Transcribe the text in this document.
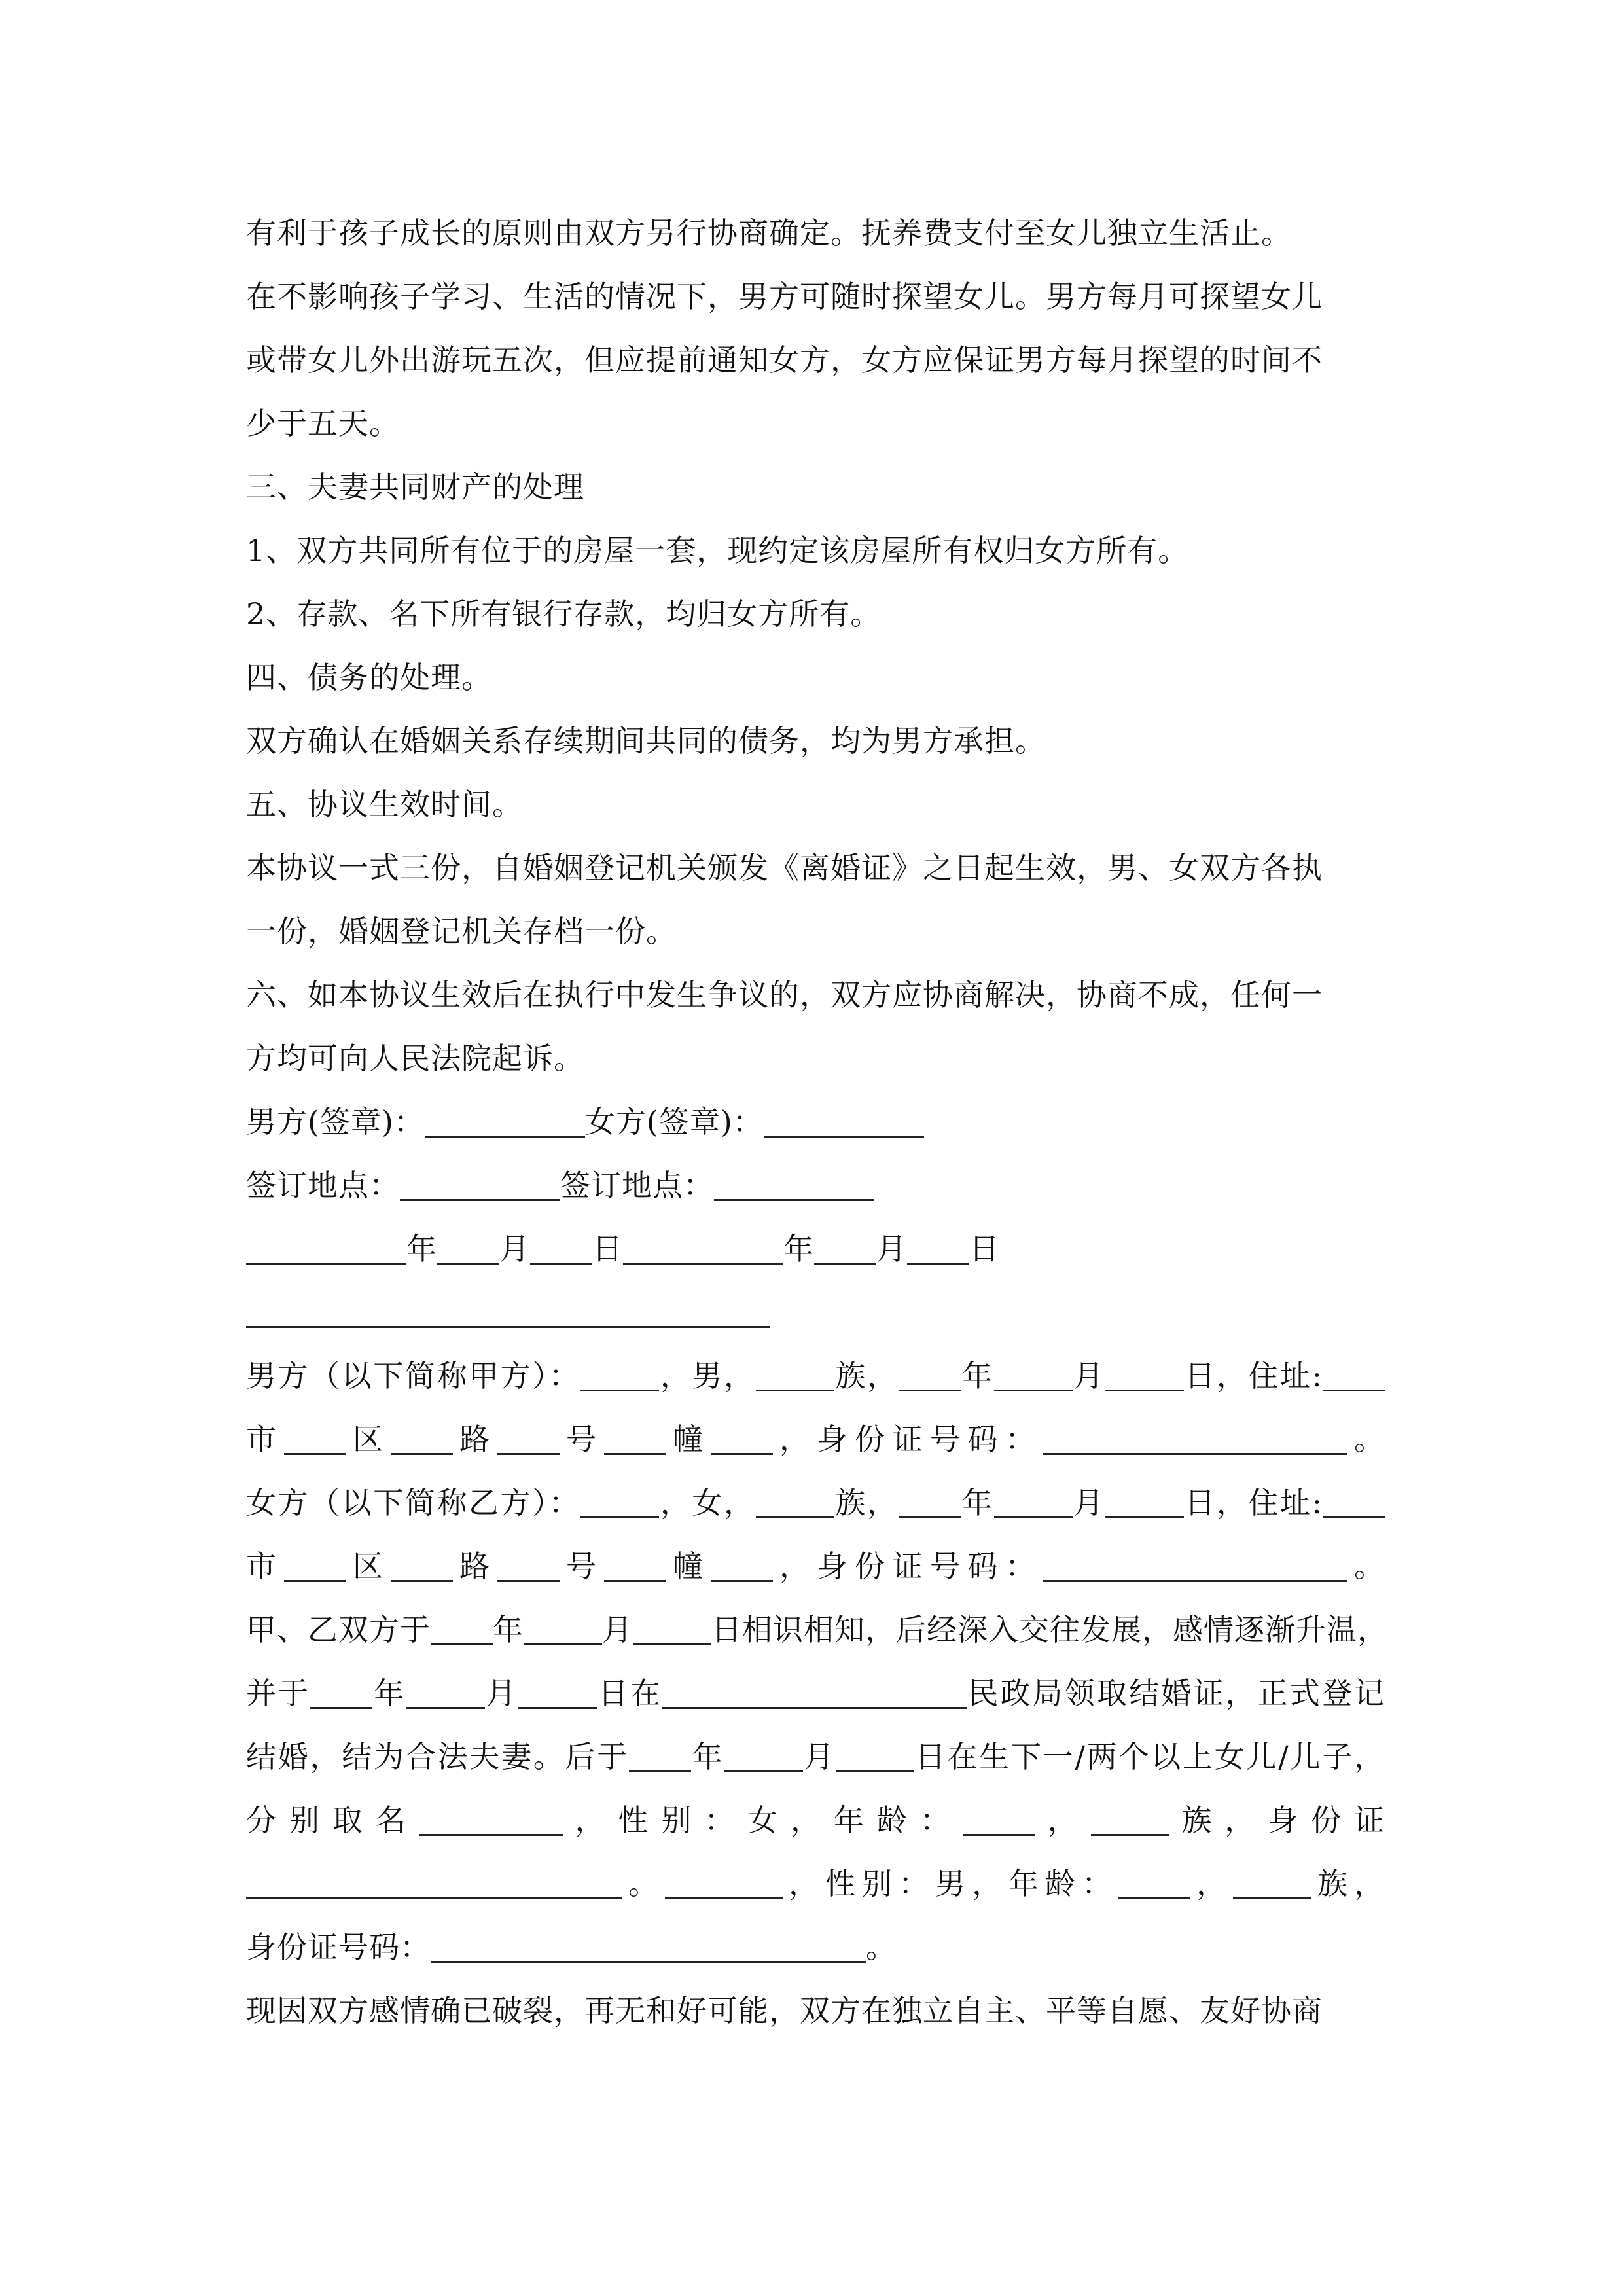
有利于孩子成长的原则由双方另行协商确定。抚养费支付至女儿独立生活止。
在不影响孩子学习、生活的情况下，男方可随时探望女儿。男方每月可探望女儿
或带女儿外出游玩五次，但应提前通知女方，女方应保证男方每月探望的时间不
少于五天。
三、夫妻共同财产的处理
1、双方共同所有位于的房屋一套，现约定该房屋所有权归女方所有。
2、存款、名下所有银行存款，均归女方所有。
四、债务的处理。
双方确认在婚姻关系存续期间共同的债务，均为男方承担。
五、协议生效时间。
本协议一式三份，自婚姻登记机关颁发《离婚证》之日起生效，男、女双方各执
一份，婚姻登记机关存档一份。
六、如本协议生效后在执行中发生争议的，双方应协商解决，协商不成，任何一
方均可向人民法院起诉。
男方(签章)：	女方(签章)：
签订地点：	签订地点：
年 月 日	年 月 日
男方（以下简称甲方）：	，男，	族， 年	月	日，住址:
市 区 路 号 幢 ，身份证号码：	。
女方（以下简称乙方）：	，女，	族， 年	月	日，住址:
市 区 路 号 幢 ，身份证号码：	。
甲、乙双方于 年	月	日相识相知，后经深入交往发展，感情逐渐升温，
并于 年	月	日在	民政局领取结婚证，正式登记
结婚，结为合法夫妻。后于 年	月	日在生下一/两个以上女儿/儿子，
分别取名	，性别：女，年龄： ，	族，身份证
。	，性别：男，年龄： ，	族，
身份证号码：	。
现因双方感情确已破裂，再无和好可能，双方在独立自主、平等自愿、友好协商
